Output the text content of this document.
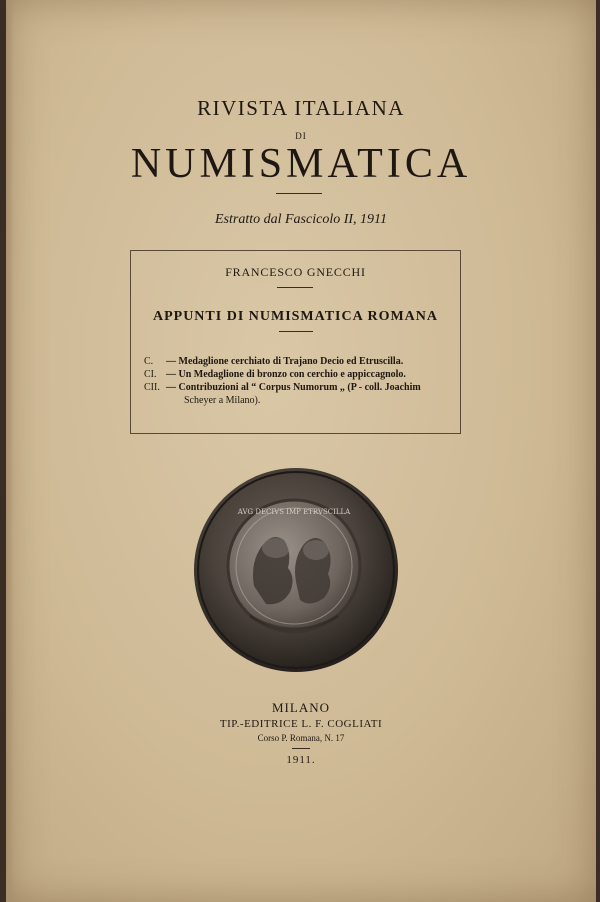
RIVISTA ITALIANA
DI
NUMISMATICA
Estratto dal Fascicolo II, 1911
FRANCESCO GNECCHI
APPUNTI DI NUMISMATICA ROMANA
C.	— Medaglione cerchiato di Trajano Decio ed Etruscilla.
CI. — Un Medaglione di bronzo con cerchio e appiccagnolo.
CII. — Contribuzioni al “ Corpus Numorum „ (P - coll. Joachim
Scheyer a Milano).
AVG DECIVS IMP ETRVSCILLA
MILANO
TIP.-EDITRICE L. F. COGLIATI
Corso P. Romana, N. 17
1911.
